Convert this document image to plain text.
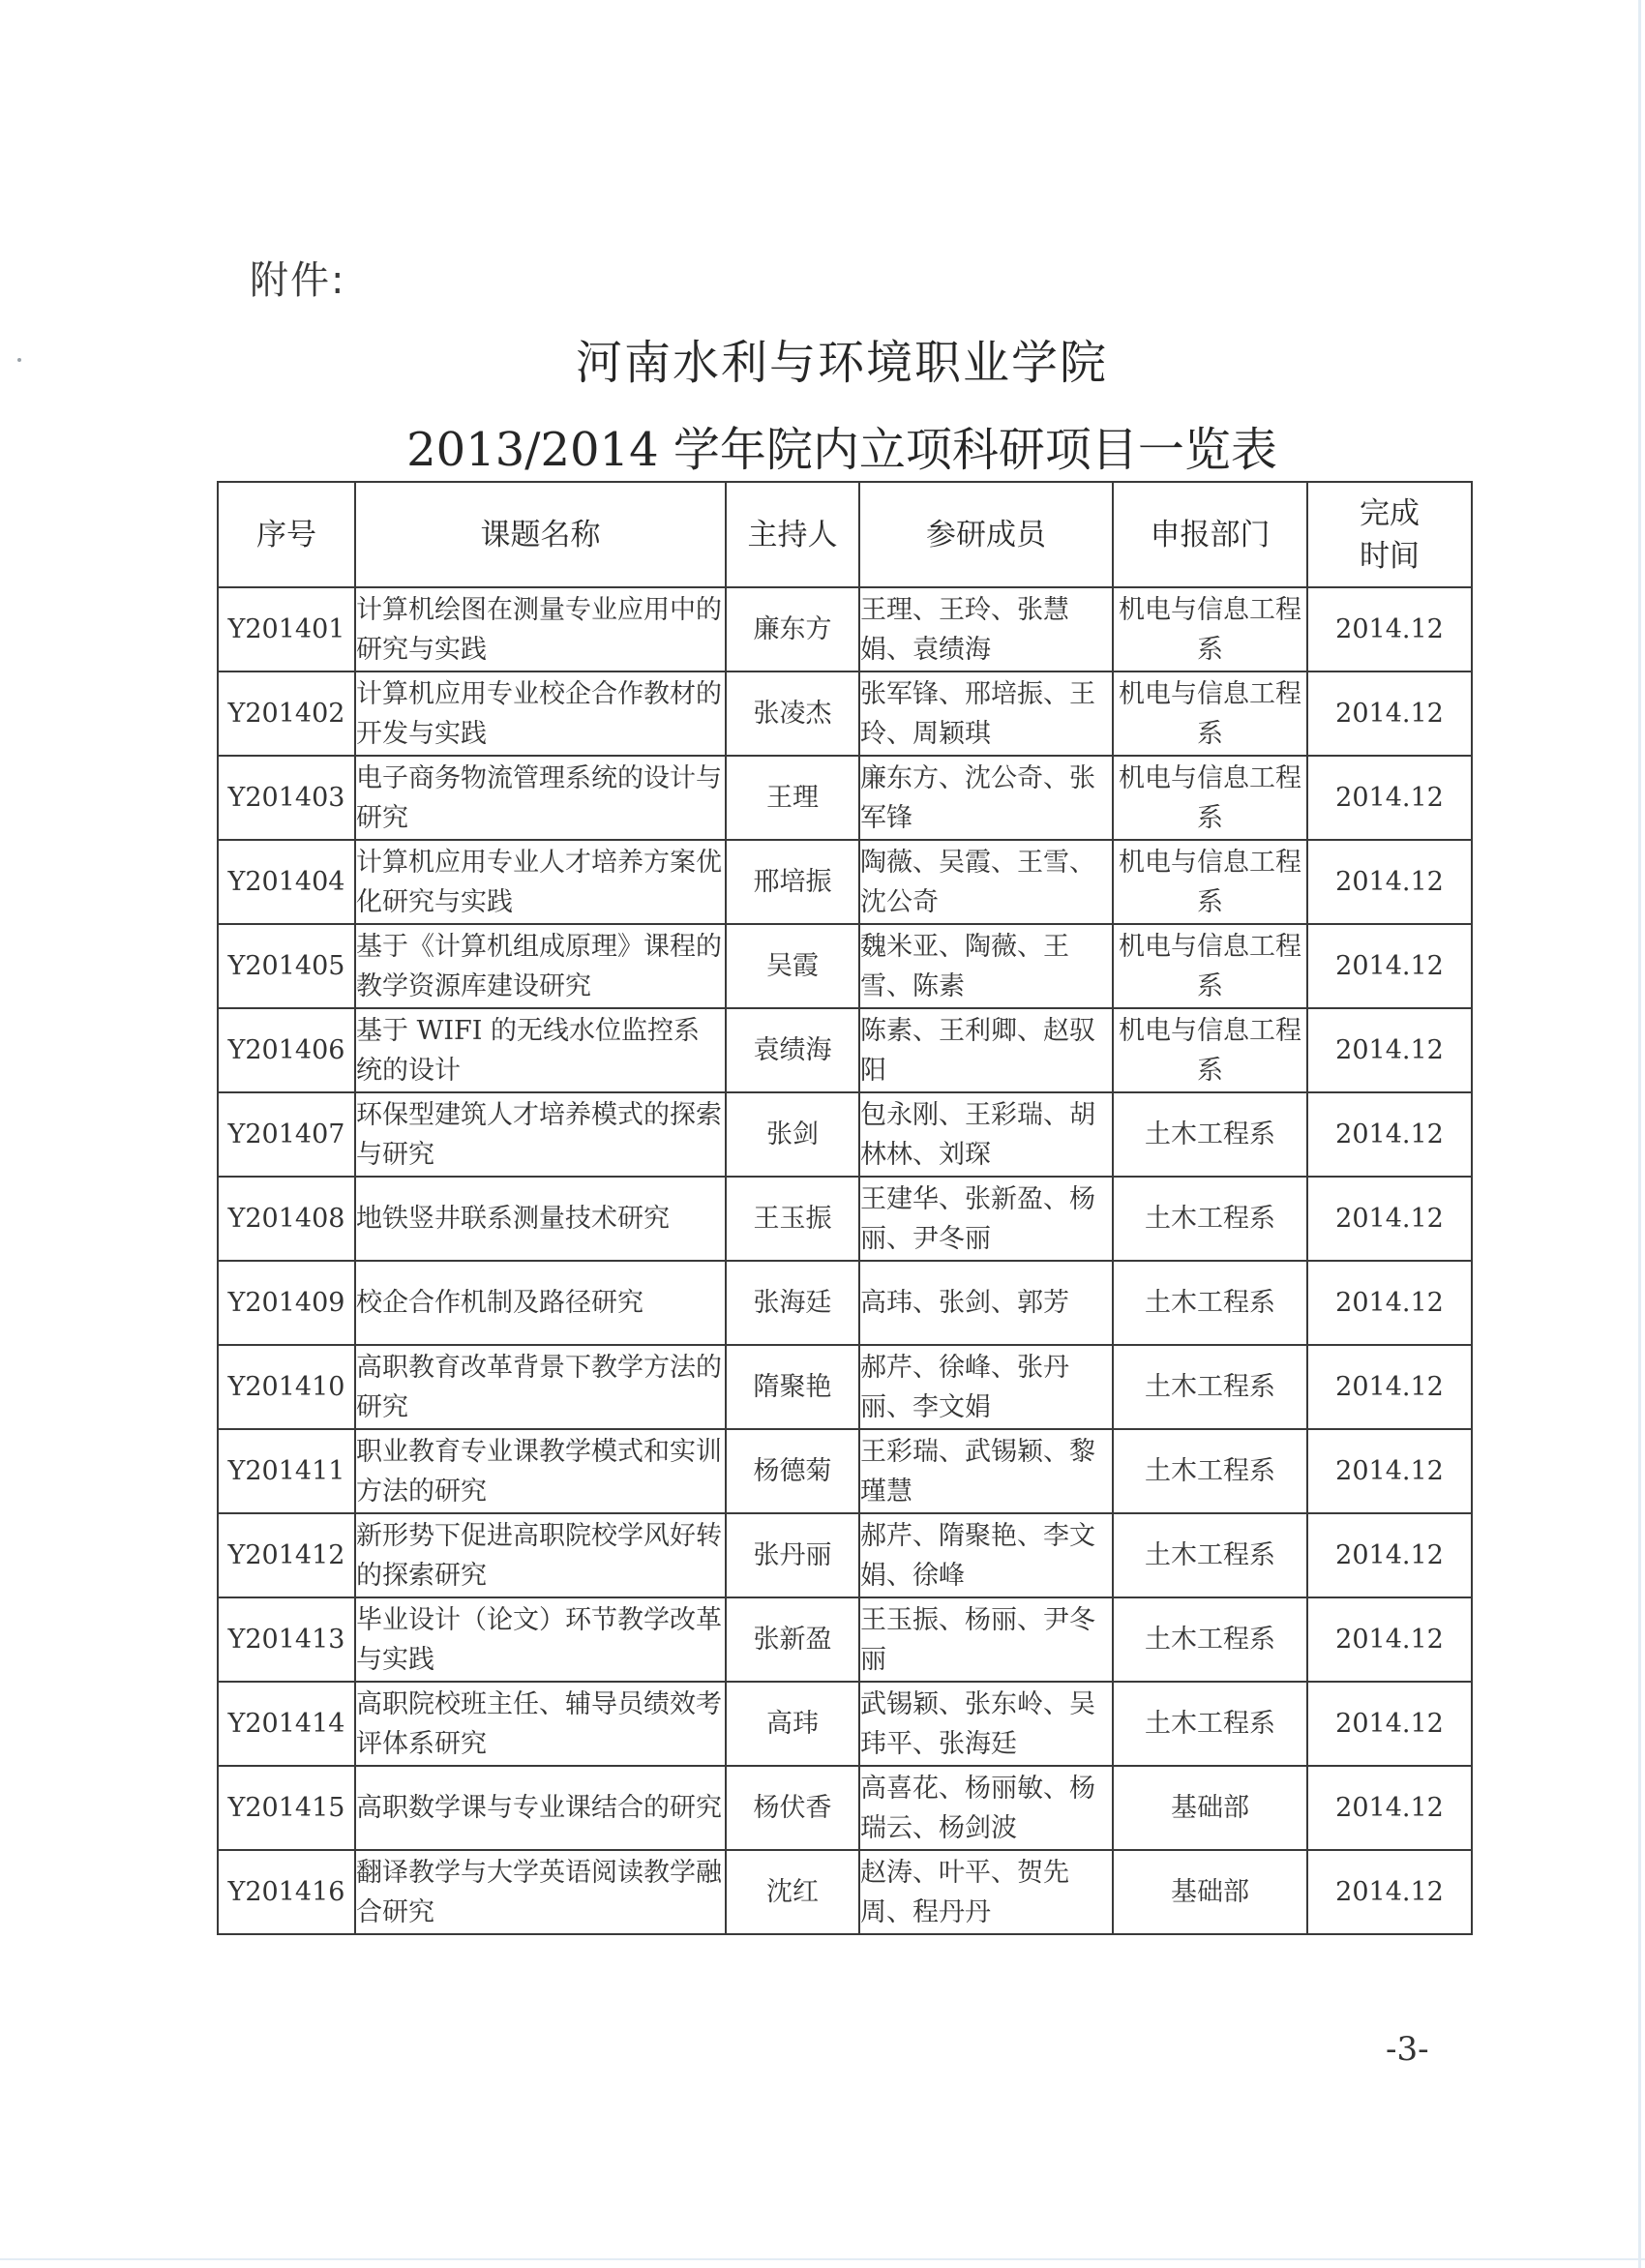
附件:
河南水利与环境职业学院
2013/2014 学年院内立项科研项目一览表
序号	课题名称	主持人	参研成员	申报部门	完成
时间

Y201401	计算机绘图在测量专业应用中的研究与实践	廉东方	王理、王玲、张慧娟、袁绩海	机电与信息工程系	2014.12
Y201402	计算机应用专业校企合作教材的开发与实践	张凌杰	张军锋、邢培振、王玲、周颖琪	机电与信息工程系	2014.12
Y201403	电子商务物流管理系统的设计与研究	王理	廉东方、沈公奇、张军锋	机电与信息工程系	2014.12
Y201404	计算机应用专业人才培养方案优化研究与实践	邢培振	陶薇、吴霞、王雪、沈公奇	机电与信息工程系	2014.12
Y201405	基于《计算机组成原理》课程的教学资源库建设研究	吴霞	魏米亚、陶薇、王雪、陈素	机电与信息工程系	2014.12
Y201406	基于 WIFI 的无线水位监控系统的设计	袁绩海	陈素、王利卿、赵驭阳	机电与信息工程系	2014.12
Y201407	环保型建筑人才培养模式的探索与研究	张剑	包永刚、王彩瑞、胡林林、刘琛	土木工程系	2014.12
Y201408	地铁竖井联系测量技术研究	王玉振	王建华、张新盈、杨丽、尹冬丽	土木工程系	2014.12
Y201409	校企合作机制及路径研究	张海廷	高玮、张剑、郭芳	土木工程系	2014.12
Y201410	高职教育改革背景下教学方法的研究	隋聚艳	郝芹、徐峰、张丹丽、李文娟	土木工程系	2014.12
Y201411	职业教育专业课教学模式和实训方法的研究	杨德菊	王彩瑞、武锡颖、黎瑾慧	土木工程系	2014.12
Y201412	新形势下促进高职院校学风好转的探索研究	张丹丽	郝芹、隋聚艳、李文娟、徐峰	土木工程系	2014.12
Y201413	毕业设计（论文）环节教学改革与实践	张新盈	王玉振、杨丽、尹冬丽	土木工程系	2014.12
Y201414	高职院校班主任、辅导员绩效考评体系研究	高玮	武锡颖、张东岭、吴玮平、张海廷	土木工程系	2014.12
Y201415	高职数学课与专业课结合的研究	杨伏香	高喜花、杨丽敏、杨瑞云、杨剑波	基础部	2014.12
Y201416	翻译教学与大学英语阅读教学融合研究	沈红	赵涛、叶平、贺先周、程丹丹	基础部	2014.12
-3-
